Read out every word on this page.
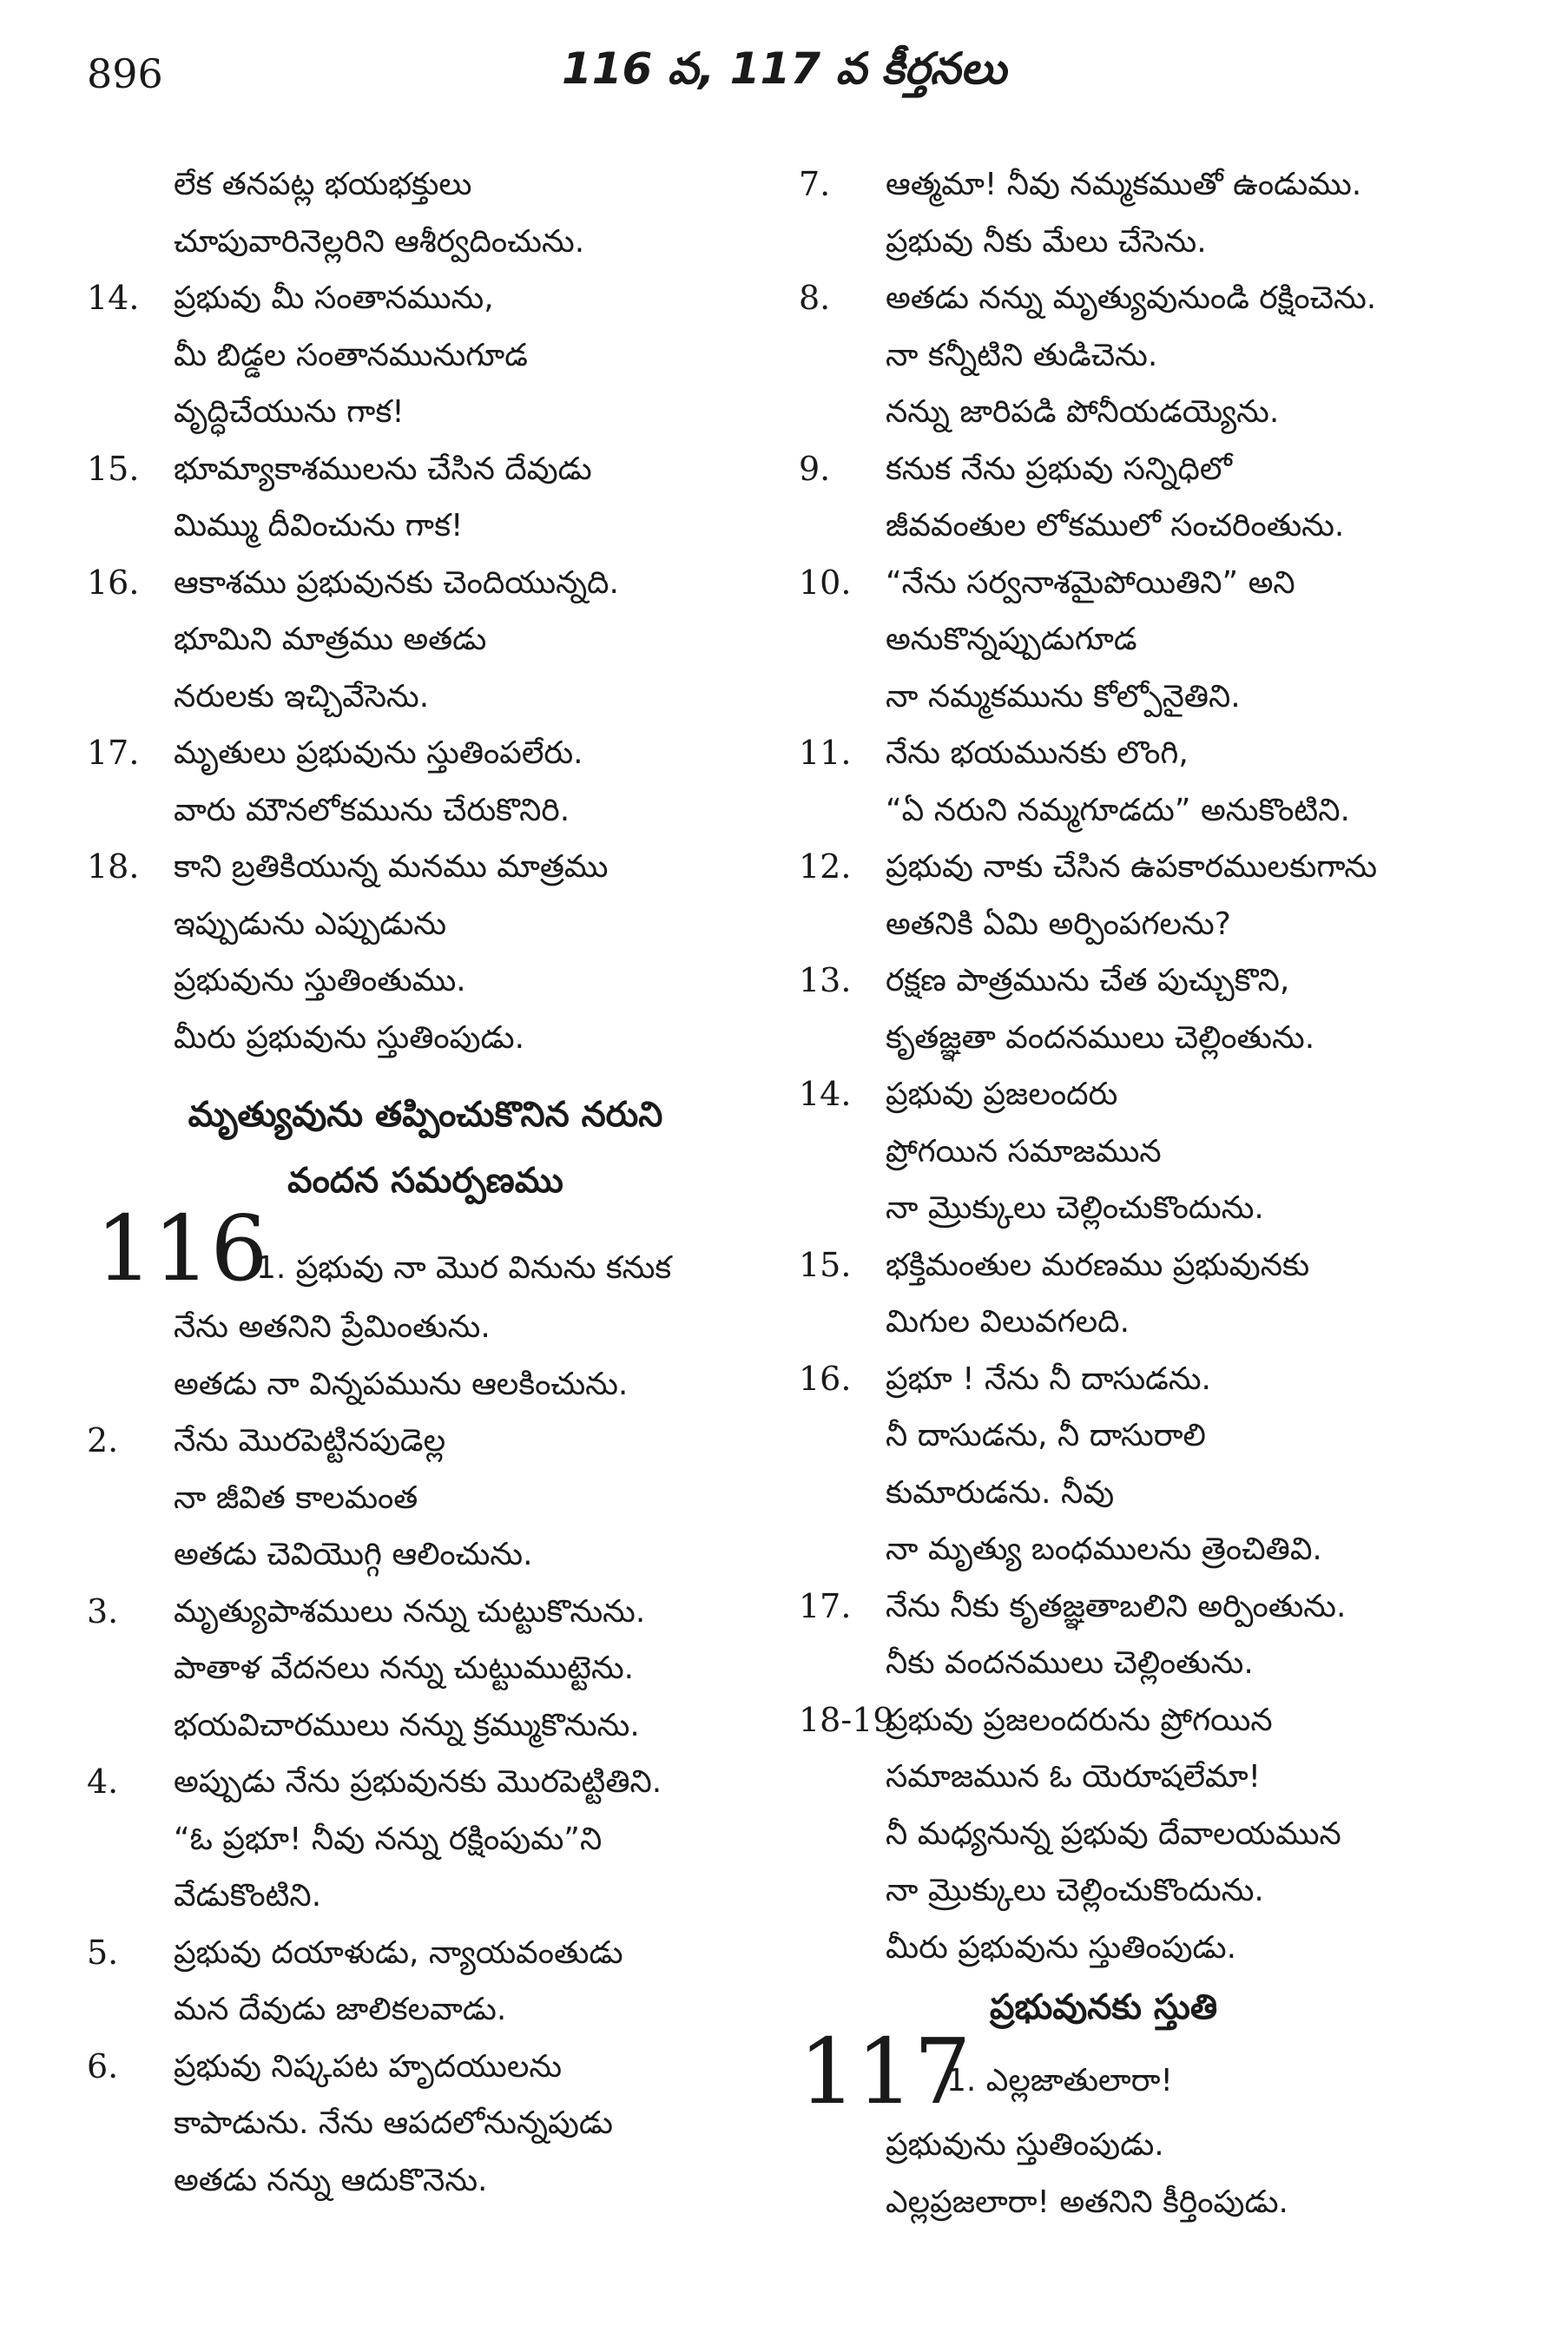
896	116 వ, 117 వ కీర్తనలు
లేక తనపట్ల భయభక్తులు
చూపువారినెల్లరిని ఆశీర్వదించును.
14. ప్రభువు మీ సంతానమును,
మీ బిడ్డల సంతానమునుగూడ
వృద్ధిచేయును గాక!
15. భూమ్యాకాశములను చేసిన దేవుడు
మిమ్ము దీవించును గాక!
16. ఆకాశము ప్రభువునకు చెందియున్నది.
భూమిని మాత్రము అతడు
నరులకు ఇచ్చివేసెను.
17. మృతులు ప్రభువును స్తుతింపలేరు.
వారు మౌనలోకమును చేరుకొనిరి.
18. కాని బ్రతికియున్న మనము మాత్రము
ఇప్పుడును ఎప్పుడును
ప్రభువును స్తుతింతుము.
మీరు ప్రభువును స్తుతింపుడు.
మృత్యువును తప్పించుకొనిన నరుని
వందన సమర్పణము
116
1. ప్రభువు నా మొర వినును కనుక
నేను అతనిని ప్రేమింతును.
అతడు నా విన్నపమును ఆలకించును.
2. నేను మొరపెట్టినపుడెల్ల
నా జీవిత కాలమంత
అతడు చెవియొగ్గి ఆలించును.
3. మృత్యుపాశములు నన్ను చుట్టుకొనును.
పాతాళ వేదనలు నన్ను చుట్టుముట్టెను.
భయవిచారములు నన్ను క్రమ్ముకొనును.
4. అప్పుడు నేను ప్రభువునకు మొరపెట్టితిని.
“ఓ ప్రభూ! నీవు నన్ను రక్షింపుమ”ని
వేడుకొంటిని.
5. ప్రభువు దయాళుడు, న్యాయవంతుడు
మన దేవుడు జాలికలవాడు.
6. ప్రభువు నిష్కపట హృదయులను
కాపాడును. నేను ఆపదలోనున్నపుడు
అతడు నన్ను ఆదుకొనెను.
7. ఆత్మమా! నీవు నమ్మకముతో ఉండుము.
ప్రభువు నీకు మేలు చేసెను.
8. అతడు నన్ను మృత్యువునుండి రక్షించెను.
నా కన్నీటిని తుడిచెను.
నన్ను జారిపడి పోనీయడయ్యెను.
9. కనుక నేను ప్రభువు సన్నిధిలో
జీవవంతుల లోకములో సంచరింతును.
10. “నేను సర్వనాశమైపోయితిని” అని
అనుకొన్నప్పుడుగూడ
నా నమ్మకమును కోల్పోనైతిని.
11. నేను భయమునకు లొంగి,
“ఏ నరుని నమ్మగూడదు” అనుకొంటిని.
12. ప్రభువు నాకు చేసిన ఉపకారములకుగాను
అతనికి ఏమి అర్పింపగలను?
13. రక్షణ పాత్రమును చేత పుచ్చుకొని,
కృతజ్ఞతా వందనములు చెల్లింతును.
14. ప్రభువు ప్రజలందరు
ప్రోగయిన సమాజమున
నా మ్రొక్కులు చెల్లించుకొందును.
15. భక్తిమంతుల మరణము ప్రభువునకు
మిగుల విలువగలది.
16. ప్రభూ ! నేను నీ దాసుడను.
నీ దాసుడను, నీ దాసురాలి
కుమారుడను. నీవు
నా మృత్యు బంధములను త్రెంచితివి.
17. నేను నీకు కృతజ్ఞతాబలిని అర్పింతును.
నీకు వందనములు చెల్లింతును.
18-19
ప్రభువు ప్రజలందరును ప్రోగయిన
సమాజమున ఓ యెరూషలేమా!
నీ మధ్యనున్న ప్రభువు దేవాలయమున
నా మ్రొక్కులు చెల్లించుకొందును.
మీరు ప్రభువును స్తుతింపుడు.
ప్రభువునకు స్తుతి
117
1. ఎల్లజాతులారా!
ప్రభువును స్తుతింపుడు.
ఎల్లప్రజలారా! అతనిని కీర్తింపుడు.
